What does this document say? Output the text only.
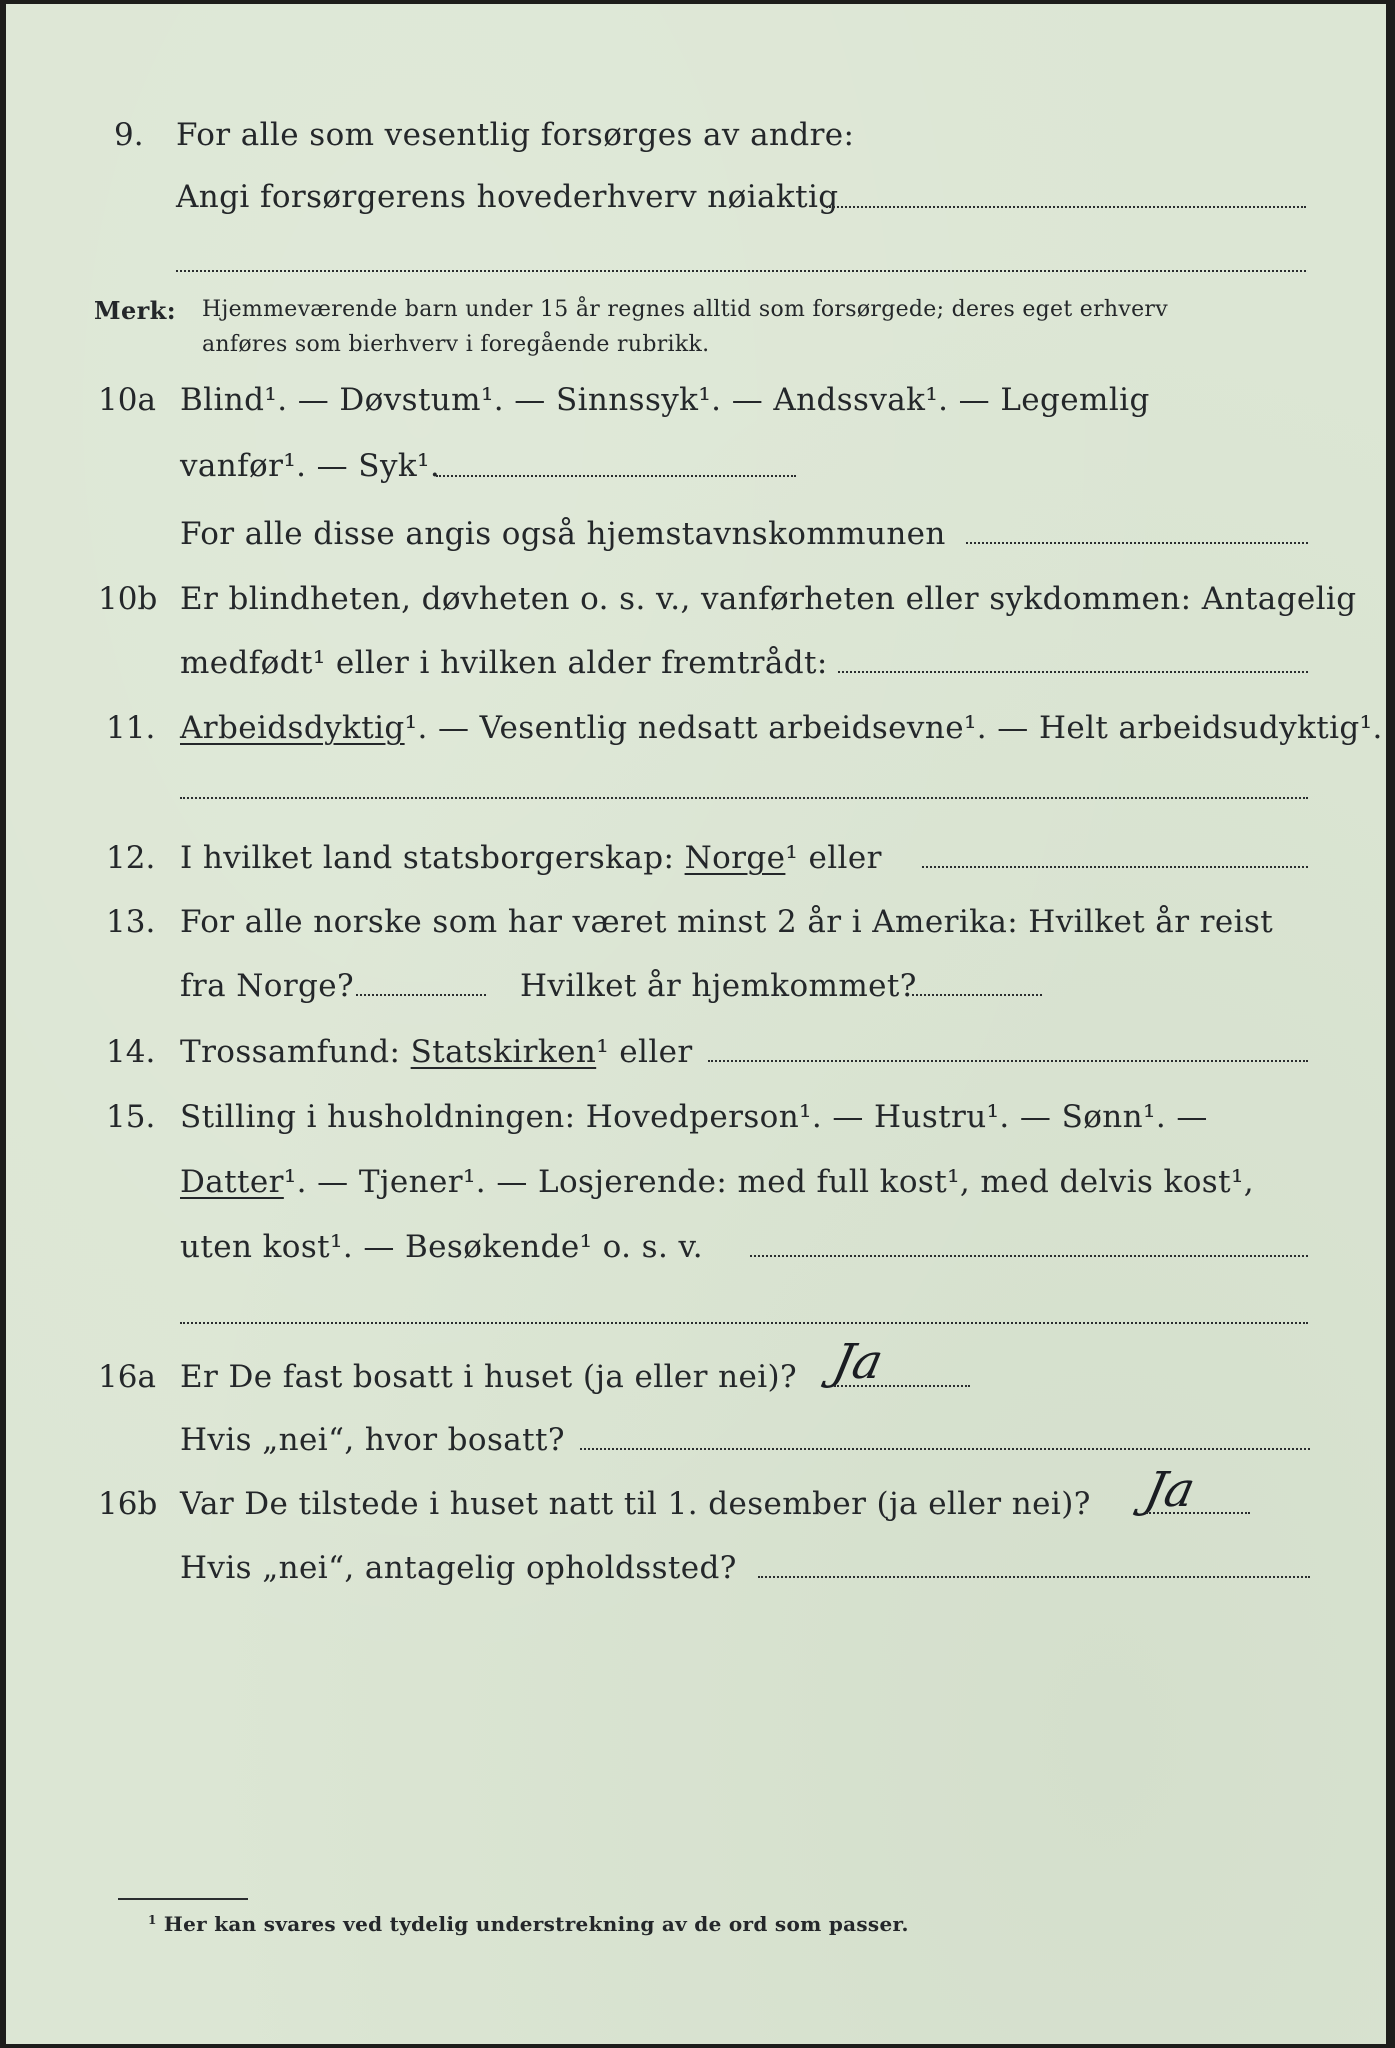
9. For alle som vesentlig forsørges av andre:
Angi forsørgerens hovederhverv nøiaktig
Merk: Hjemmeværende barn under 15 år regnes alltid som forsørgede; deres eget erhverv
anføres som bierhverv i foregående rubrikk.
10a Blind¹. — Døvstum¹. — Sinnssyk¹. — Andssvak¹. — Legemlig
vanfør¹. — Syk¹.
For alle disse angis også hjemstavnskommunen
10b Er blindheten, døvheten o. s. v., vanførheten eller sykdommen: Antagelig
medfødt¹ eller i hvilken alder fremtrådt:
11. Arbeidsdyktig¹. — Vesentlig nedsatt arbeidsevne¹. — Helt arbeidsudyktig¹.
12. I hvilket land statsborgerskap: Norge¹ eller
13. For alle norske som har været minst 2 år i Amerika: Hvilket år reist
fra Norge?	Hvilket år hjemkommet?
14. Trossamfund: Statskirken¹ eller
15. Stilling i husholdningen: Hovedperson¹. — Hustru¹. — Sønn¹. —
Datter¹. — Tjener¹. — Losjerende: med full kost¹, med delvis kost¹,
uten kost¹. — Besøkende¹ o. s. v.
16a Er De fast bosatt i huset (ja eller nei)? Ja
Hvis „nei“, hvor bosatt?
16b Var De tilstede i huset natt til 1. desember (ja eller nei)? Ja
Hvis „nei“, antagelig opholdssted?
$^1$ Her kan svares ved tydelig understrekning av de ord som passer.
